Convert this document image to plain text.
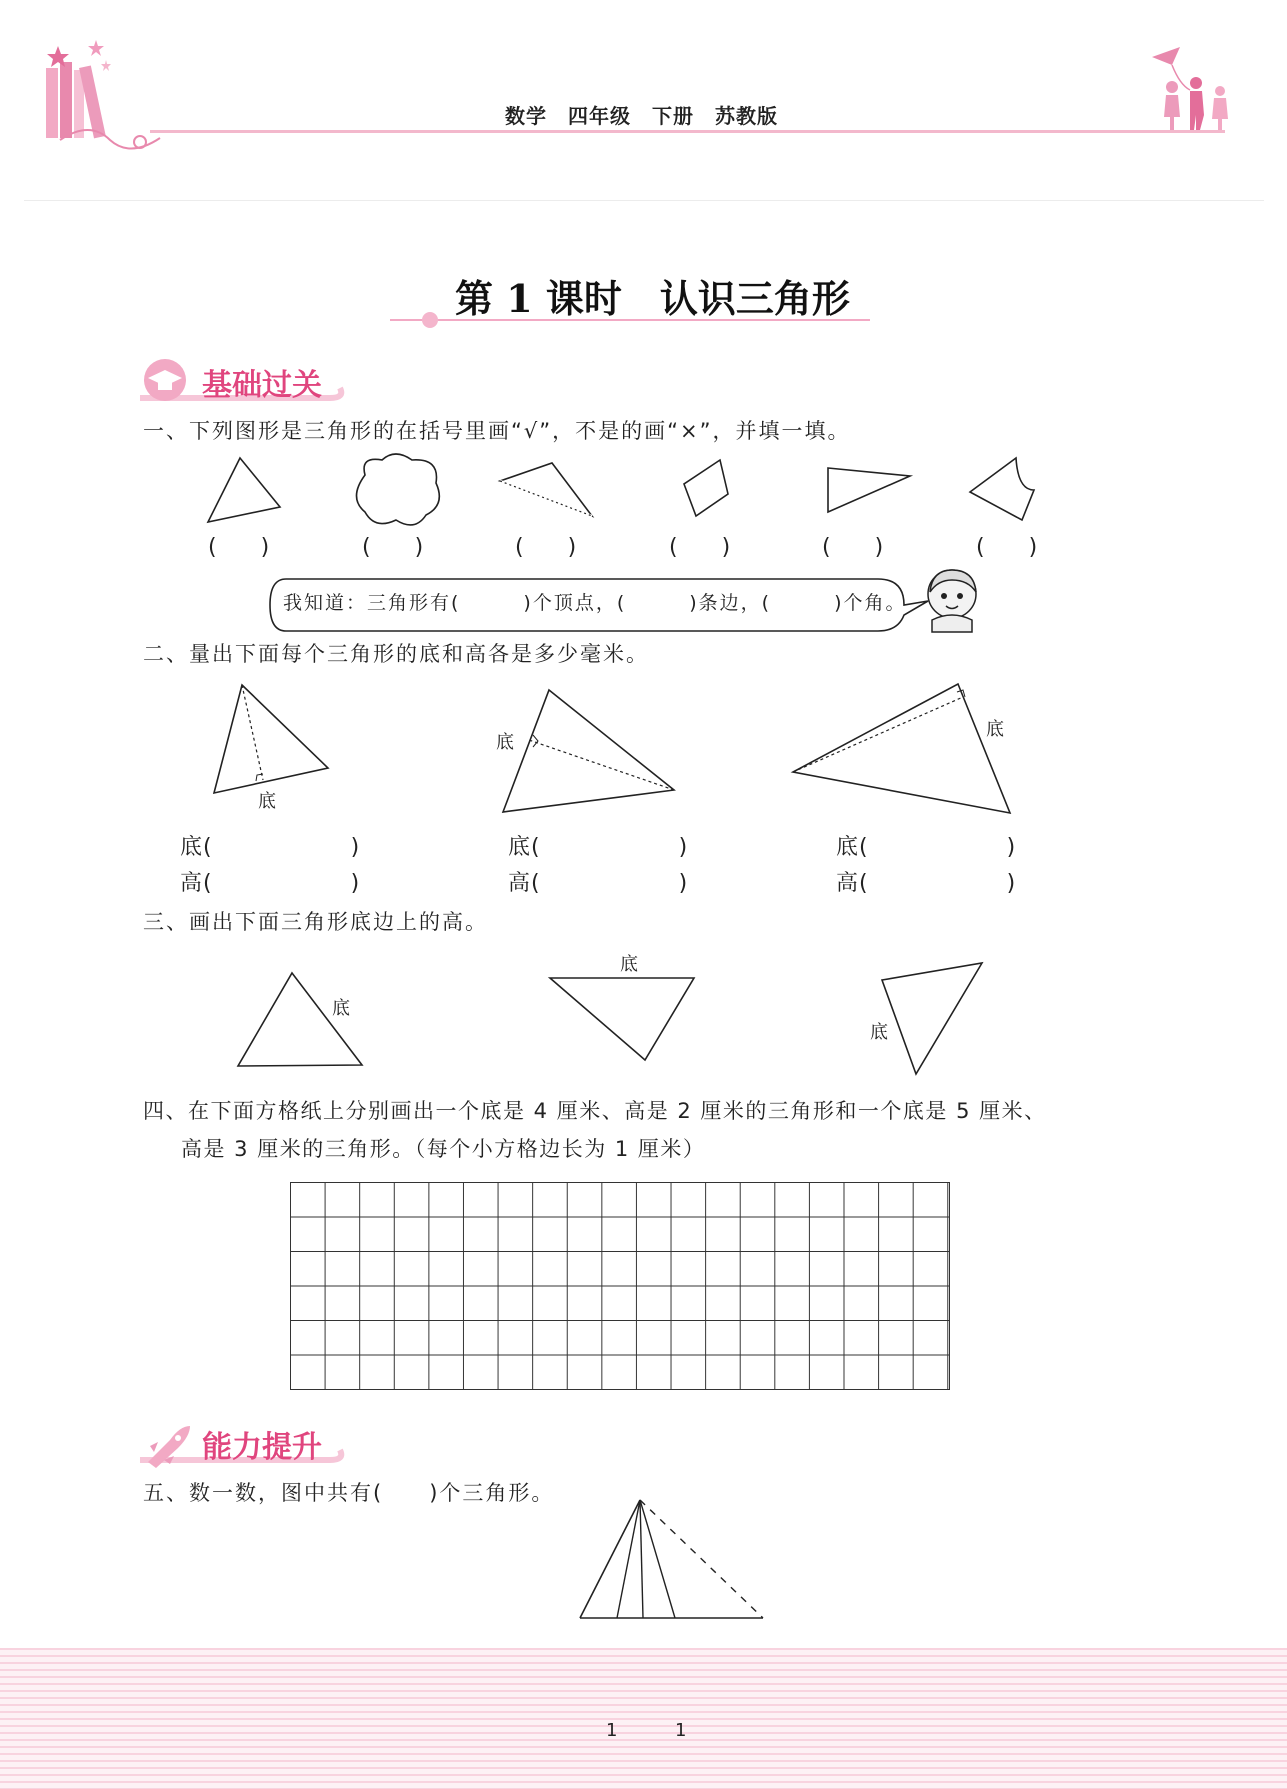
数学　四年级　下册　苏教版
第 1 课时　认识三角形
基础过关
一、下列图形是三角形的在括号里画“√”，不是的画“×”，并填一填。
(　　)	(　　)	(　　)	(　　)	(　　)	(　　)
我知道：三角形有(　　　)个顶点，(　　　)条边，(　　　)个角。
二、量出下面每个三角形的底和高各是多少毫米。
底
底
底
底(　　　　　　)
高(　　　　　　)
底(　　　　　　)
高(　　　　　　)
底(　　　　　　)
高(　　　　　　)
三、画出下面三角形底边上的高。
底
底
底
四、在下面方格纸上分别画出一个底是 4 厘米、高是 2 厘米的三角形和一个底是 5 厘米、
高是 3 厘米的三角形。（每个小方格边长为 1 厘米）
能力提升
五、数一数，图中共有(　　)个三角形。
1	1
